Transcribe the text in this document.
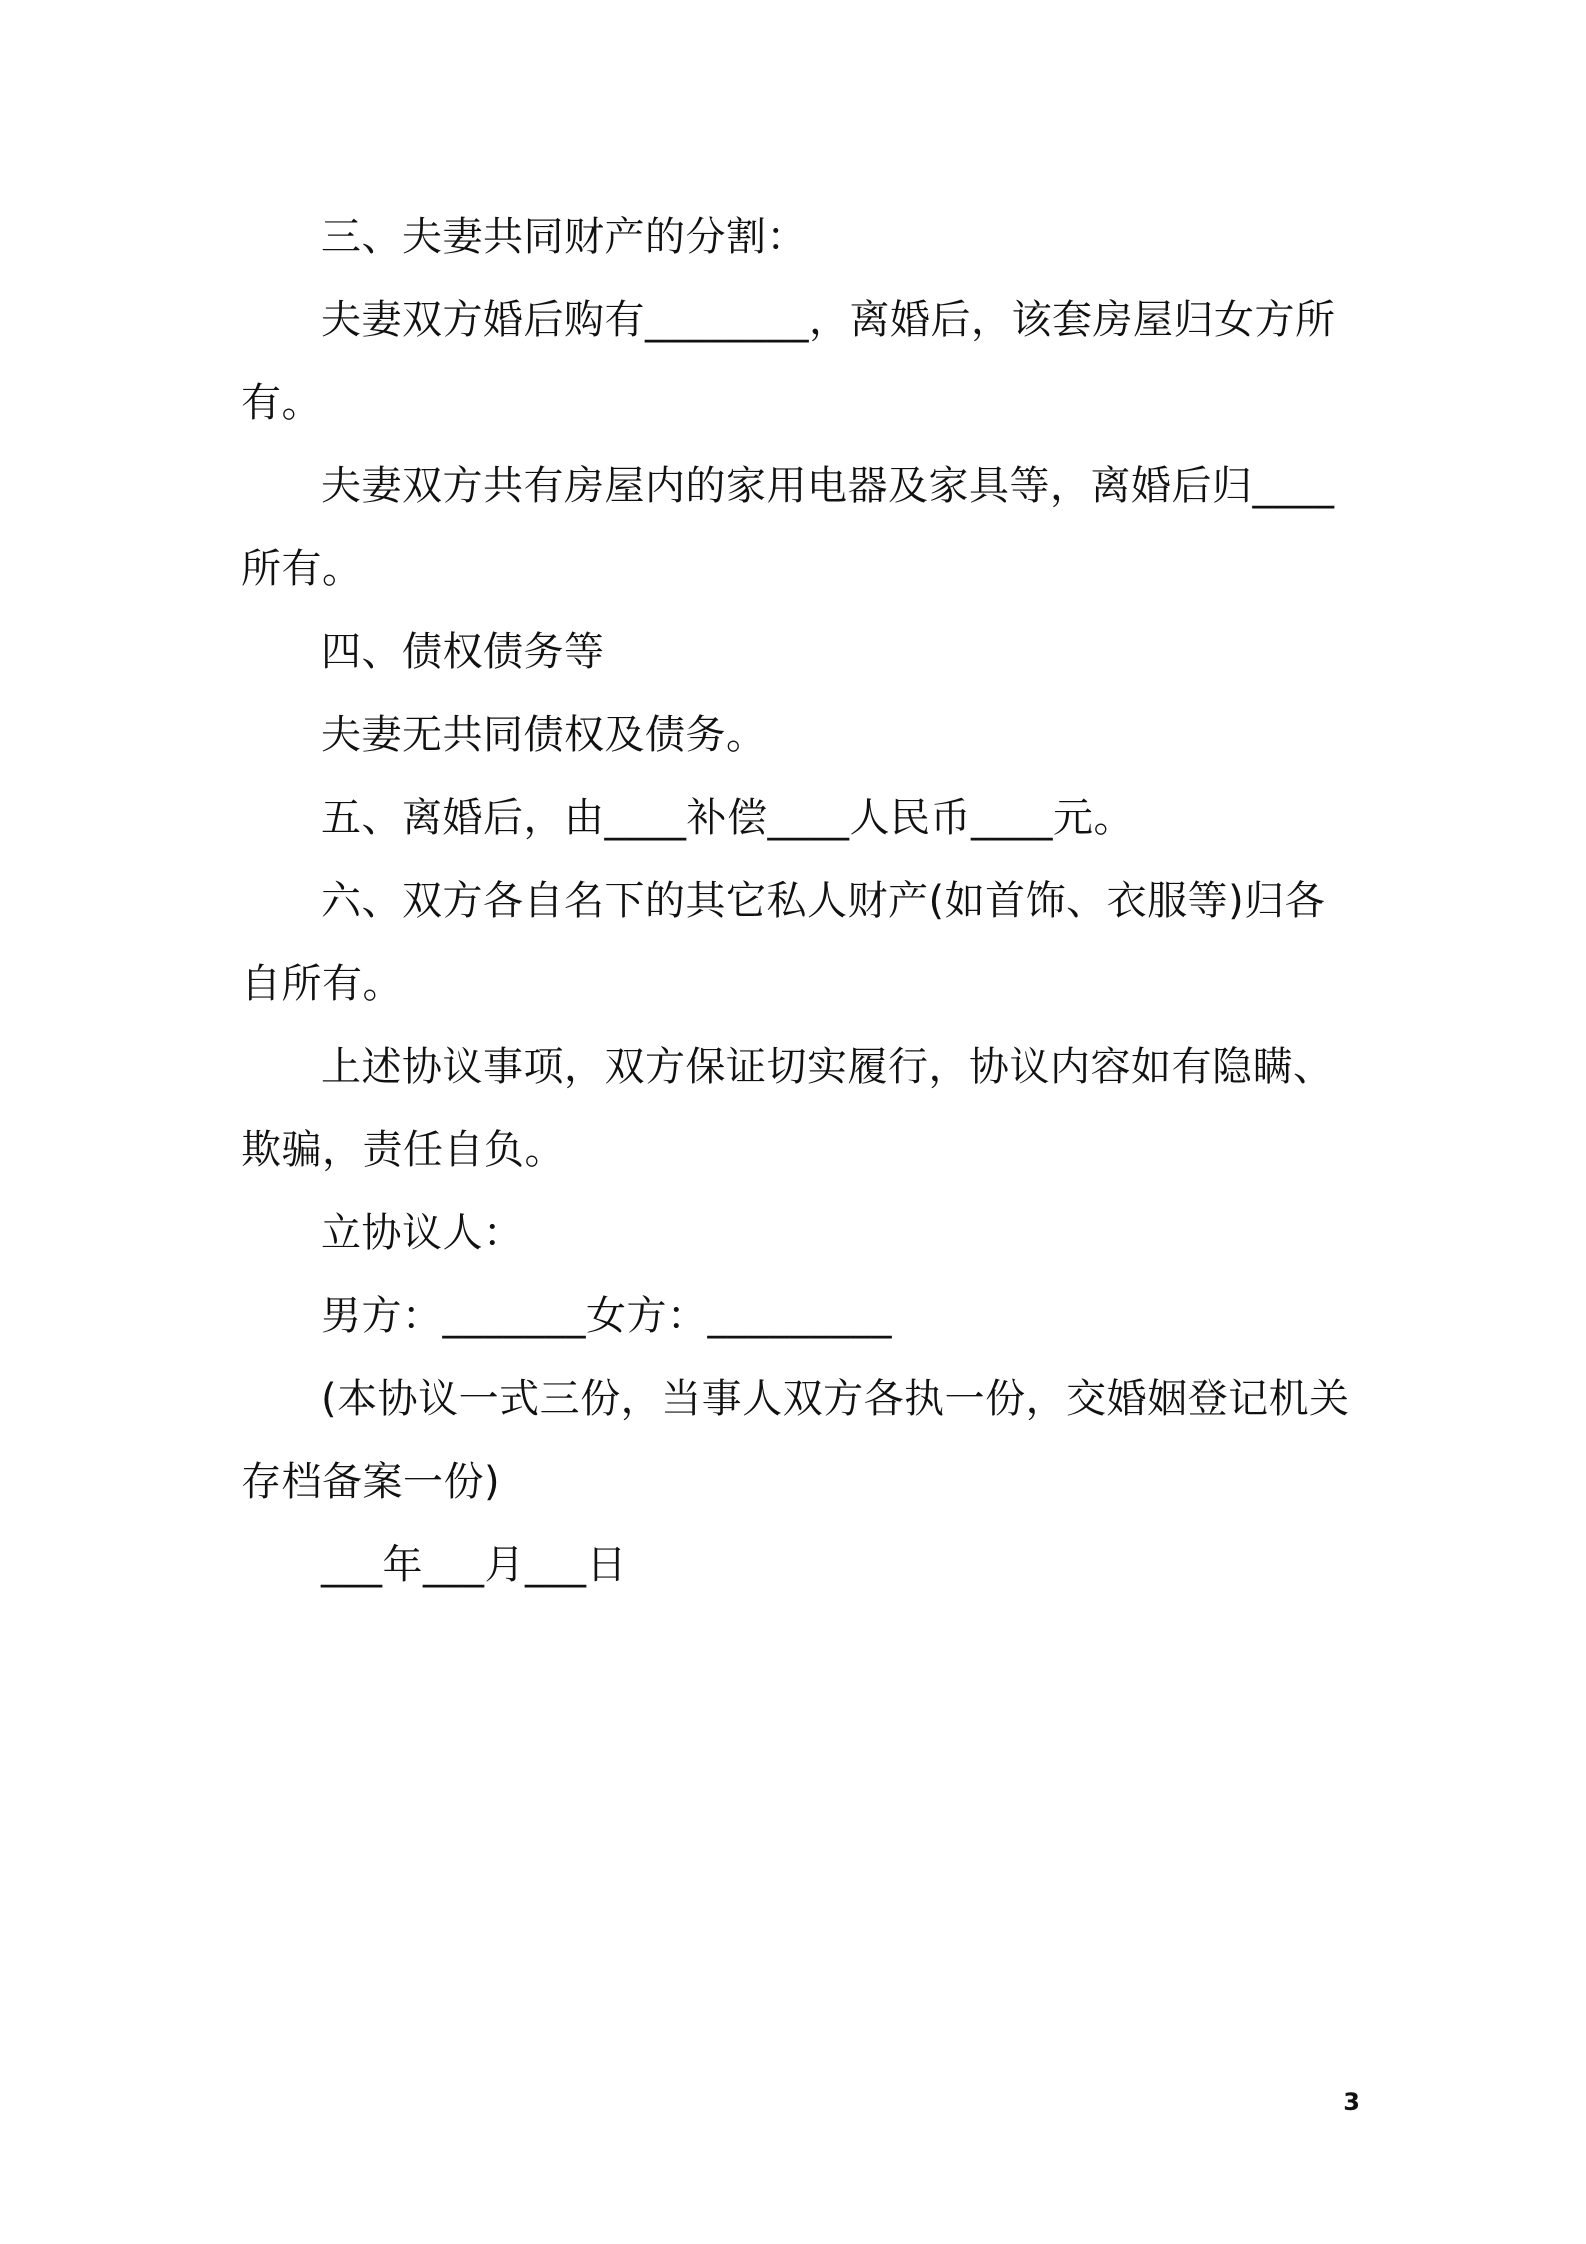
三、夫妻共同财产的分割：

夫妻双方婚后购有________，离婚后，该套房屋归女方所有。

夫妻双方共有房屋内的家用电器及家具等，离婚后归____所有。

四、债权债务等

夫妻无共同债权及债务。

五、离婚后，由____补偿____人民币____元。

六、双方各自名下的其它私人财产(如首饰、衣服等)归各自所有。

上述协议事项，双方保证切实履行，协议内容如有隐瞒、欺骗，责任自负。

立协议人：

男方：_______女方：_________

(本协议一式三份，当事人双方各执一份，交婚姻登记机关存档备案一份)

___年___月___日

3
